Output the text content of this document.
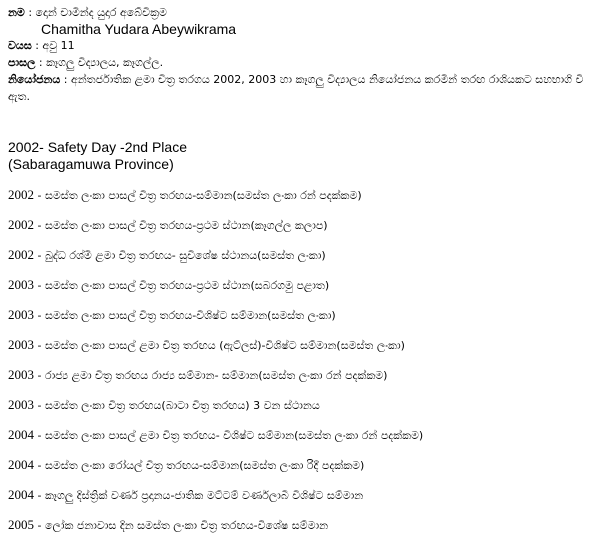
නම : දොන් චාමින්ද යුදාර අබේවික්‍රම
Chamitha Yudara Abeywikrama
වයස : අවු 11
පාසල : කෑගලු විද්‍යාලය, කෑගල්ල.
නියෝජනය : අන්තර්ජාතික ළමා චිත්‍ර තරගය 2002, 2003 හා කෑගලු විද්‍යාලය නියෝජනය කරමින් තරඟ රාශියකට සහභාගි වී ඇත.
2002- Safety Day -2nd Place
(Sabaragamuwa Province)
2002 - සමස්ත ලංකා පාසල් චිත්‍ර තරඟය-සම්මාන(සමස්ත ලංකා රන් පදක්කම)
2002 - සමස්ත ලංකා පාසල් චිත්‍ර තරඟය-ප්‍රථම ස්ථාන(කෑගල්ල කලාප)
2002 - බුද්ධ රශ්මි ළමා චිත්‍ර තරඟය- සුවිශේෂ ස්ථානය(සමස්ත ලංකා)
2003 - සමස්ත ලංකා පාසල් චිත්‍ර තරඟය-ප්‍රථම ස්ථාන(සබරගමු පළාත)
2003 - සමස්ත ලංකා පාසල් චිත්‍ර තරඟය-විශිෂ්ට සම්මාන(සමස්ත ලංකා)
2003 - සමස්ත ලංකා පාසල් ළමා චිත්‍ර තරඟය (ඇට්ලස්)-විශිෂ්ට සම්මාන(සමස්ත ලංකා)
2003 - රාජ්‍ය ළමා චිත්‍ර තරඟය රාජ්‍ය සම්මාන- සම්මාන(සමස්ත ලංකා රන් පදක්කම)
2003 - සමස්ත ලංකා චිත්‍ර තරඟය(බාටා චිත්‍ර තරඟය) 3 වන ස්ථානය
2004 - සමස්ත ලංකා පාසල් ළමා චිත්‍ර තරඟය- විශිෂ්ට සම්මාන(සමස්ත ලංකා රන් පදක්කම)
2004 - සමස්ත ලංකා රෝයල් චිත්‍ර තරඟය-සම්මාන(සමස්ත ලංකා රිදී පදක්කම)
2004 - කෑගලු දිස්ත්‍රික් වර්ණ ප්‍රදානය-ජාතික මට්ටම් වර්ණලාබී විශිෂ්ට සම්මාන
2005 - ලෝක ජනාවාස දින සමස්ත ලංකා චිත්‍ර තරඟය-විශේෂ සම්මාන
